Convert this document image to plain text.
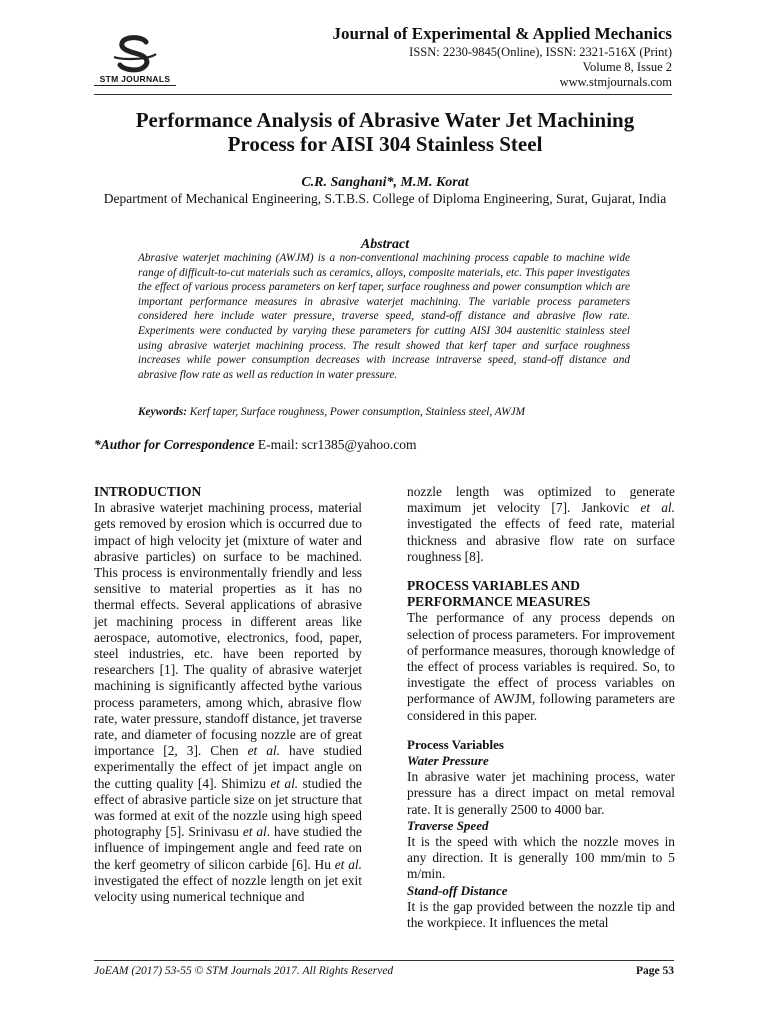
STM JOURNALS
Journal of Experimental & Applied Mechanics
ISSN: 2230-9845(Online), ISSN: 2321-516X (Print)
Volume 8, Issue 2
www.stmjournals.com
Performance Analysis of Abrasive Water Jet Machining
Process for AISI 304 Stainless Steel
C.R. Sanghani*, M.M. Korat
Department of Mechanical Engineering, S.T.B.S. College of Diploma Engineering, Surat, Gujarat, India
Abstract
Abrasive waterjet machining (AWJM) is a non-conventional machining process capable to machine wide range of difficult-to-cut materials such as ceramics, alloys, composite materials, etc. This paper investigates the effect of various process parameters on kerf taper, surface roughness and power consumption which are important performance measures in abrasive waterjet machining. The variable process parameters considered here include water pressure, traverse speed, stand-off distance and abrasive flow rate. Experiments were conducted by varying these parameters for cutting AISI 304 austenitic stainless steel using abrasive waterjet machining process. The result showed that kerf taper and surface roughness increases while power consumption decreases with increase intraverse speed, stand-off distance and abrasive flow rate as well as reduction in water pressure.
Keywords: Kerf taper, Surface roughness, Power consumption, Stainless steel, AWJM
*Author for Correspondence E-mail: scr1385@yahoo.com
INTRODUCTION

In abrasive waterjet machining process, material gets removed by erosion which is occurred due to impact of high velocity jet (mixture of water and abrasive particles) on surface to be machined. This process is environmentally friendly and less sensitive to material properties as it has no thermal effects. Several applications of abrasive jet machining process in different areas like aerospace, automotive, electronics, food, paper, steel industries, etc. have been reported by researchers [1]. The quality of abrasive waterjet machining is significantly affected bythe various process parameters, among which, abrasive flow rate, water pressure, standoff distance, jet traverse rate, and diameter of focusing nozzle are of great importance [2, 3]. Chen et al. have studied experimentally the effect of jet impact angle on the cutting quality [4]. Shimizu et al. studied the effect of abrasive particle size on jet structure that was formed at exit of the nozzle using high speed photography [5]. Srinivasu et al. have studied the influence of impingement angle and feed rate on the kerf geometry of silicon carbide [6]. Hu et al. investigated the effect of nozzle length on jet exit velocity using numerical technique and

nozzle length was optimized to generate maximum jet velocity [7]. Jankovic et al. investigated the effects of feed rate, material thickness and abrasive flow rate on surface roughness [8].

PROCESS VARIABLES AND
PERFORMANCE MEASURES

The performance of any process depends on selection of process parameters. For improvement of performance measures, thorough knowledge of the effect of process variables is required. So, to investigate the effect of process variables on performance of AWJM, following parameters are considered in this paper.

Process Variables
Water Pressure

In abrasive water jet machining process, water pressure has a direct impact on metal removal rate. It is generally 2500 to 4000 bar.

Traverse Speed

It is the speed with which the nozzle moves in any direction. It is generally 100 mm/min to 5 m/min.

Stand-off Distance

It is the gap provided between the nozzle tip and the workpiece. It influences the metal

JoEAM (2017) 53-55 © STM Journals 2017. All Rights Reserved	Page 53
